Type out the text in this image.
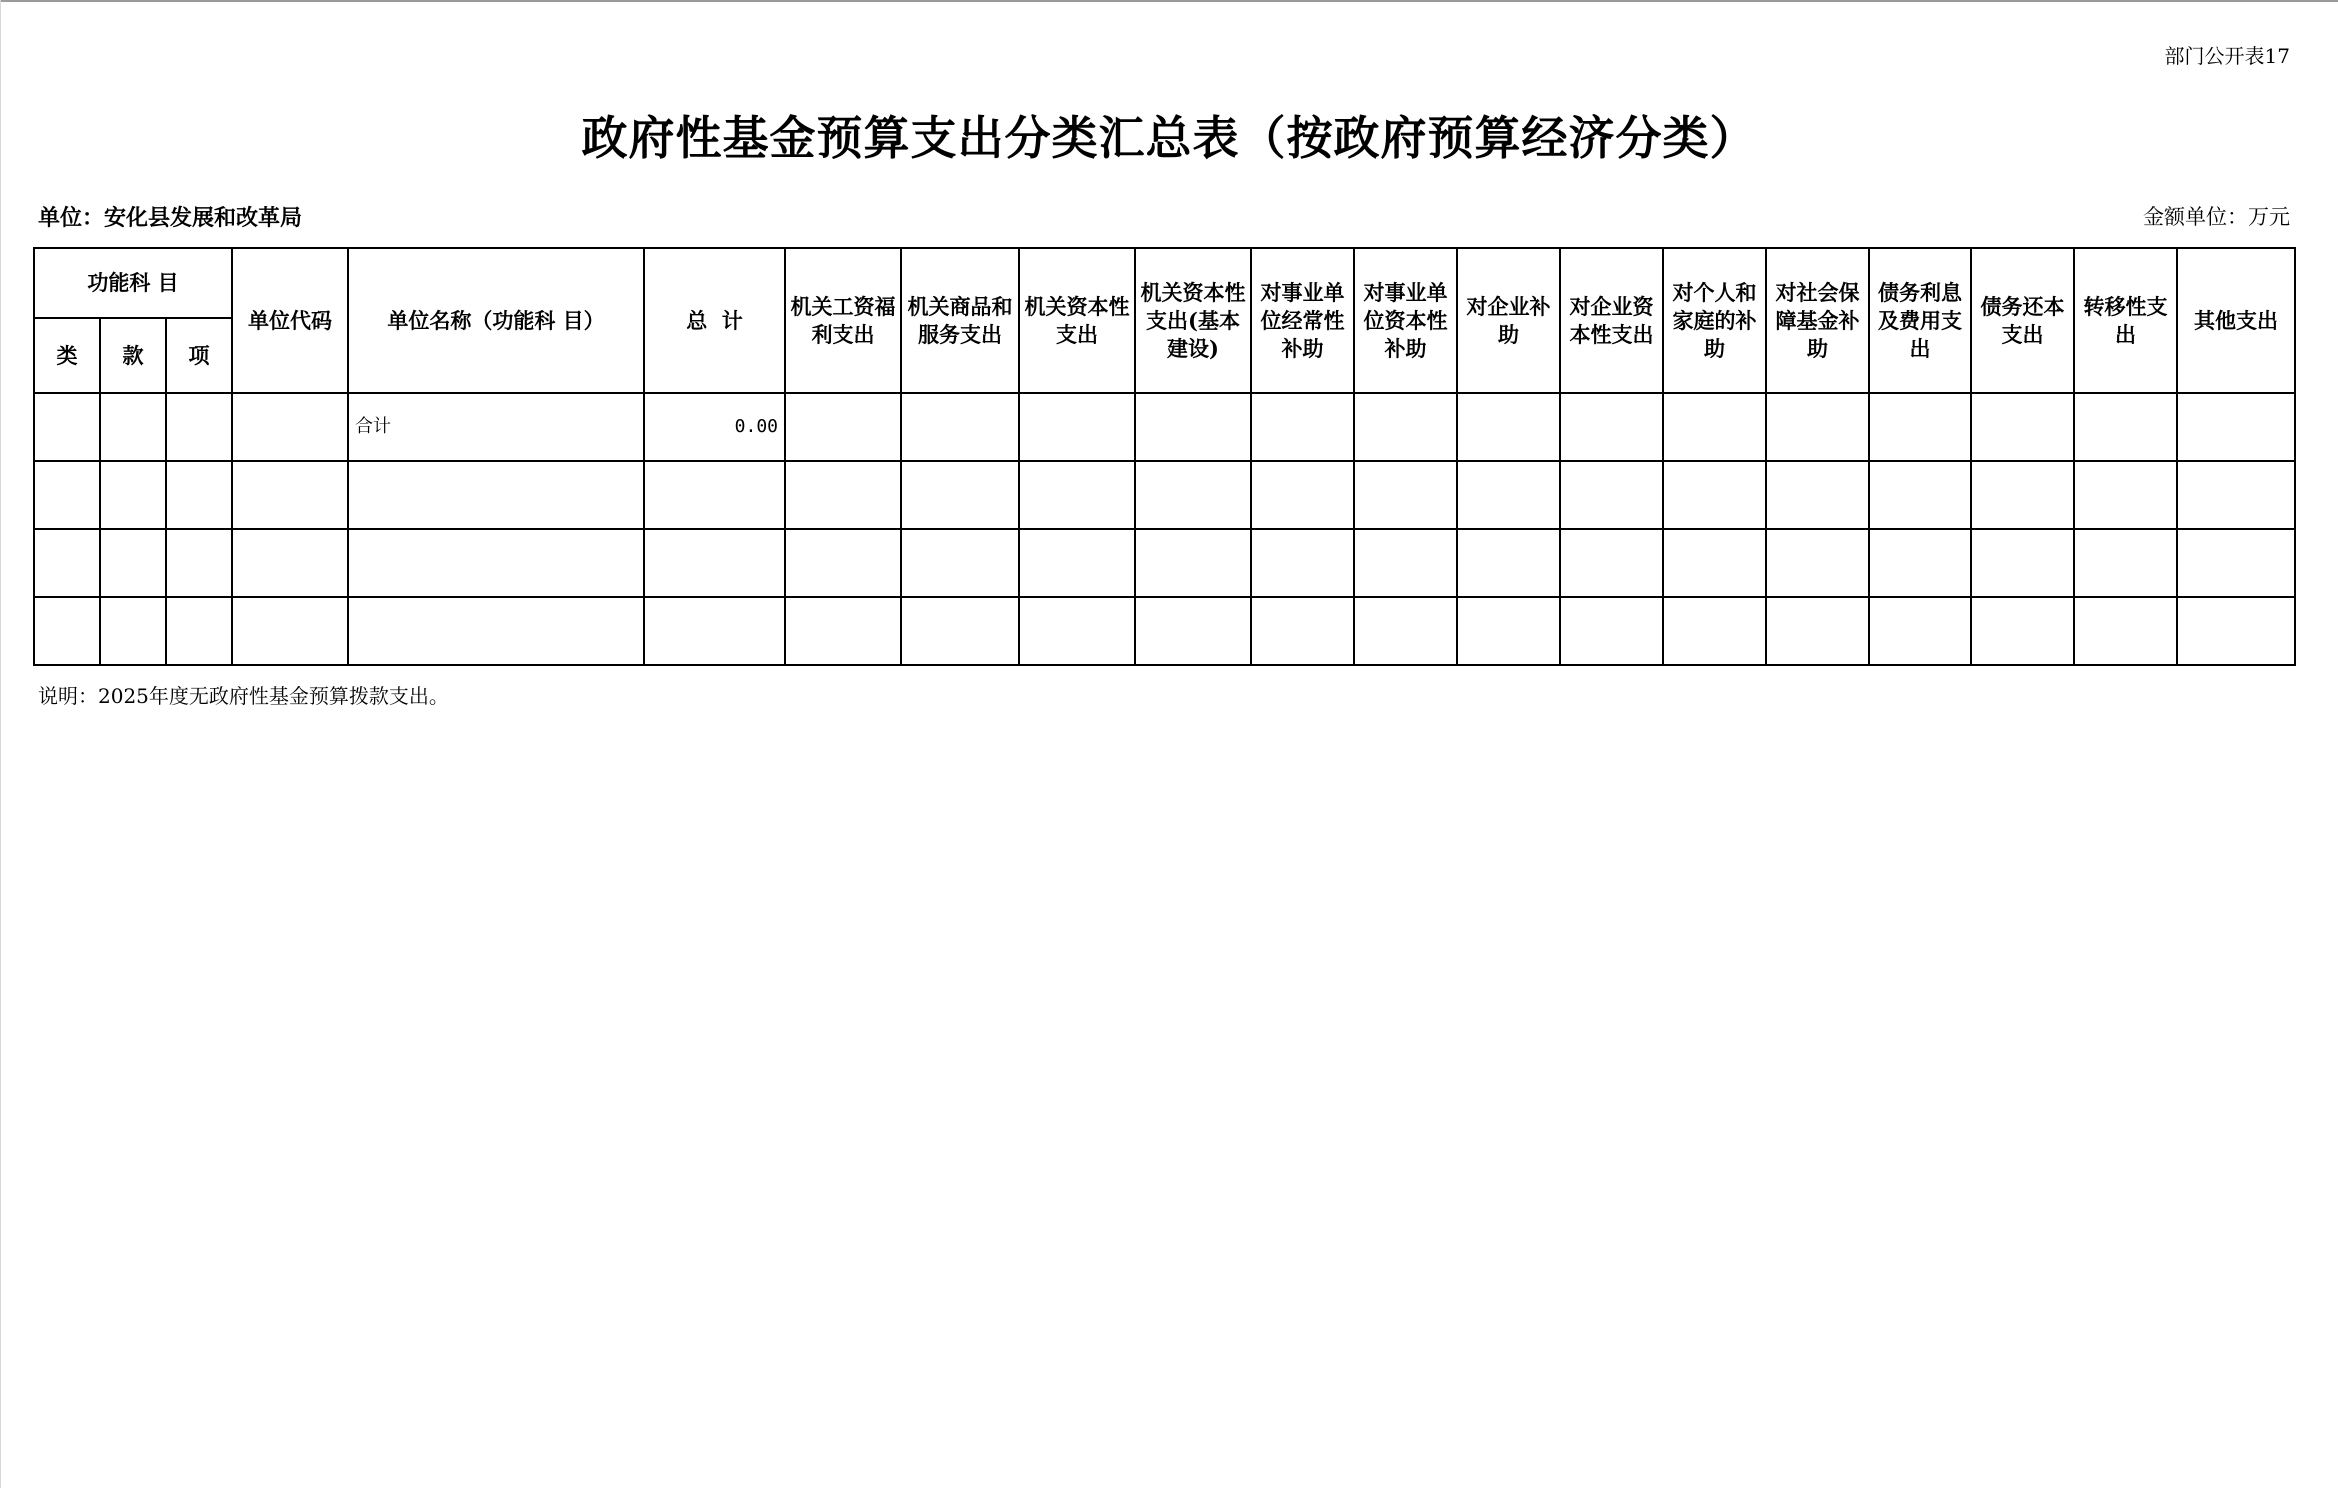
部门公开表17
政府性基金预算支出分类汇总表（按政府预算经济分类）
单位：安化县发展和改革局	金额单位：万元
功能科 目			单位代码	单位名称（功能科 目）	总  计	机关工资福利支出	机关商品和服务支出	机关资本性支出	机关资本性支出(基本建设)	对事业单位经常性补助	对事业单位资本性补助	对企业补助	对企业资本性支出	对个人和家庭的补助	对社会保障基金补助	债务利息及费用支出	债务还本支出	转移性支出	其他支出
类	款	项																	
				合计	0.00														

说明：2025年度无政府性基金预算拨款支出。
